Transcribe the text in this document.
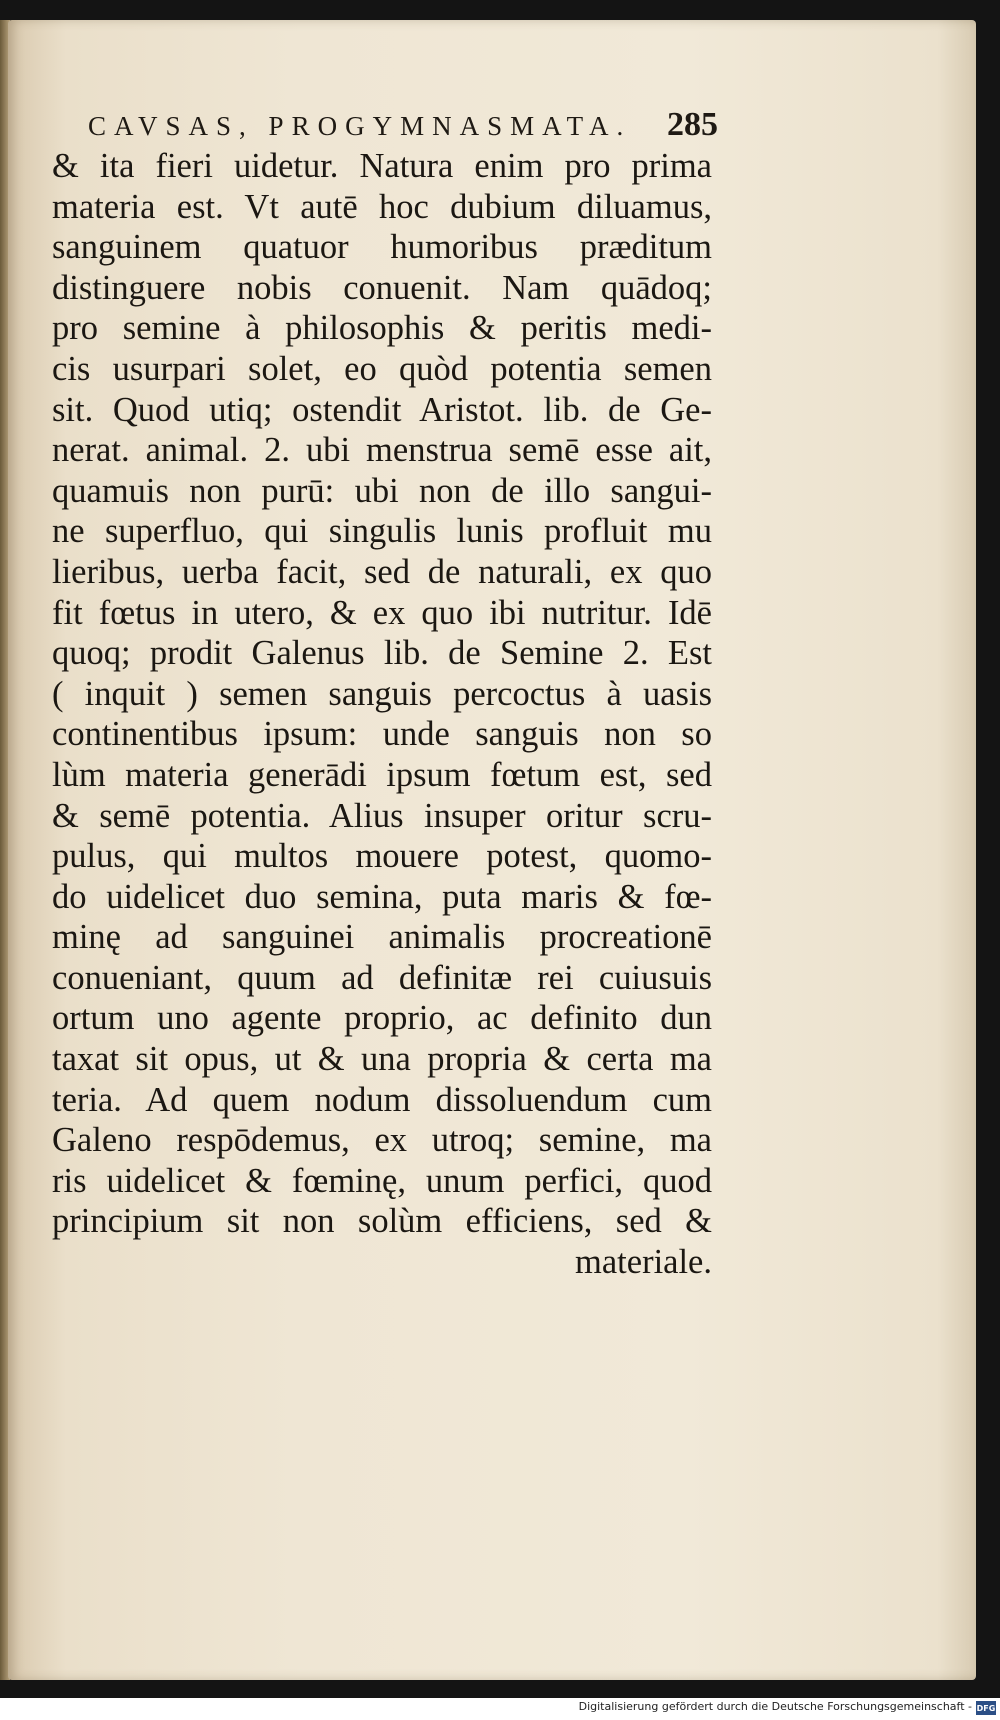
CAVSAS, PROGYMNASMATA. 285
& ita fieri uidetur. Natura enim pro prima
materia est. Vt autē hoc dubium diluamus,
sanguinem quatuor humoribus præditum
distinguere nobis conuenit. Nam quādoq;
pro semine à philosophis & peritis medi-
cis usurpari solet, eo quòd potentia semen
sit. Quod utiq; ostendit Aristot. lib. de Ge-
nerat. animal. 2. ubi menstrua semē esse ait,
quamuis non purū: ubi non de illo sangui-
ne superfluo, qui singulis lunis profluit mu
lieribus, uerba facit, sed de naturali, ex quo
fit fœtus in utero, & ex quo ibi nutritur. Idē
quoq; prodit Galenus lib. de Semine 2. Est
( inquit ) semen sanguis percoctus à uasis
continentibus ipsum: unde sanguis non so
lùm materia generādi ipsum fœtum est, sed
& semē potentia. Alius insuper oritur scru-
pulus, qui multos mouere potest, quomo-
do uidelicet duo semina, puta maris & fœ-
minę ad sanguinei animalis procreationē
conueniant, quum ad definitæ rei cuiusuis
ortum uno agente proprio, ac definito dun
taxat sit opus, ut & una propria & certa ma
teria. Ad quem nodum dissoluendum cum
Galeno respōdemus, ex utroq; semine, ma
ris uidelicet & fœminę, unum perfici, quod
principium sit non solùm efficiens, sed &
materiale.
Digitalisierung gefördert durch die Deutsche Forschungsgemeinschaft - DFG
